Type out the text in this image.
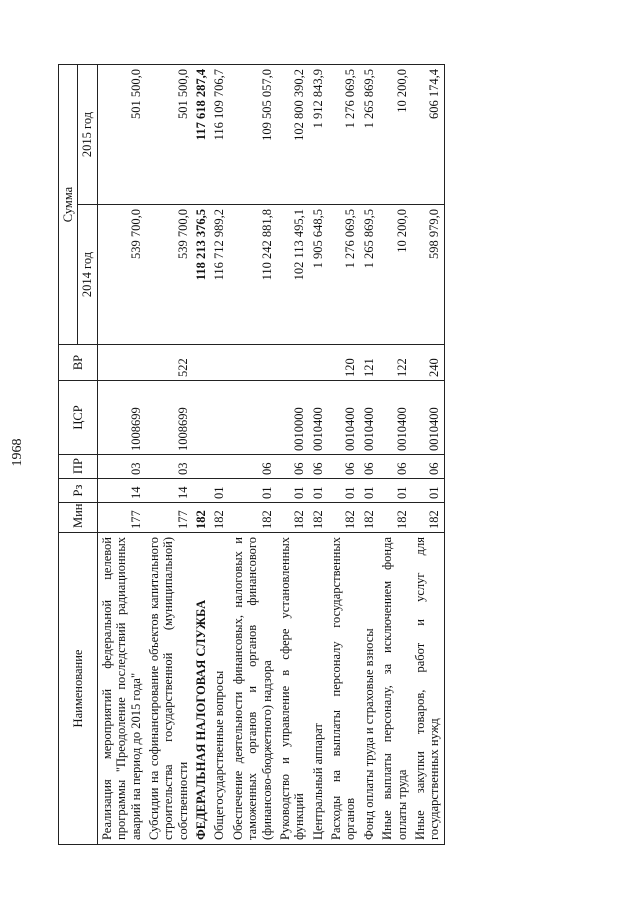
1968
Наименование	Мин	Рз	ПР	ЦСР	ВР	Сумма	
						2014 год	2015 год
Реализация мероприятий федеральной целевой программы "Преодоление последствий радиационных аварий на период до 2015 года"	177	14	03	1008699		539 700,0	501 500,0
Субсидии на софинансирование объектов капитального строительства государственной (муниципальной) собственности	177	14	03	1008699	522	539 700,0	501 500,0
ФЕДЕРАЛЬНАЯ НАЛОГОВАЯ СЛУЖБА	182					118 213 376,5	117 618 287,4
Общегосударственные вопросы	182	01				116 712 989,2	116 109 706,7
Обеспечение деятельности финансовых, налоговых и таможенных органов и органов финансового (финансово-бюджетного) надзора	182	01	06			110 242 881,8	109 505 057,0
Руководство и управление в сфере установленных функций	182	01	06	0010000		102 113 495,1	102 800 390,2
Центральный аппарат	182	01	06	0010400		1 905 648,5	1 912 843,9
Расходы на выплаты персоналу государственных органов	182	01	06	0010400	120	1 276 069,5	1 276 069,5
Фонд оплаты труда и страховые взносы	182	01	06	0010400	121	1 265 869,5	1 265 869,5
Иные выплаты персоналу, за исключением фонда оплаты труда	182	01	06	0010400	122	10 200,0	10 200,0
Иные закупки товаров, работ и услуг для государственных нужд	182	01	06	0010400	240	598 979,0	606 174,4
